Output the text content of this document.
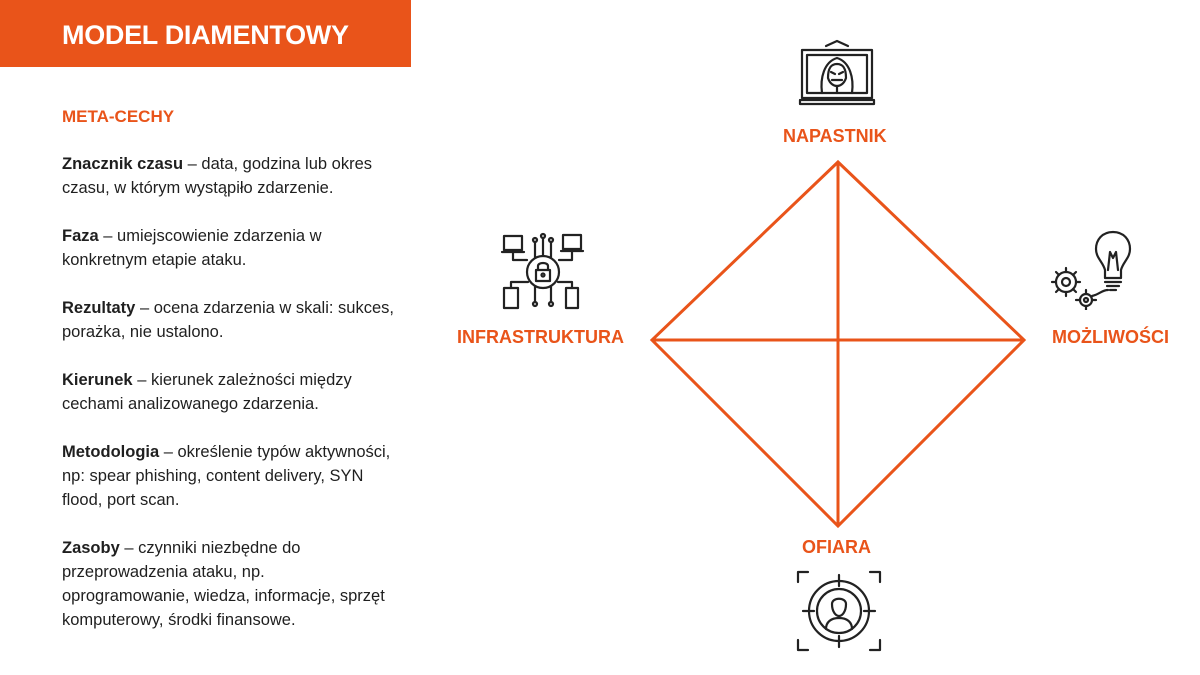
MODEL DIAMENTOWY
META-CECHY
Znacznik czasu – data, godzina lub okres czasu, w którym wystąpiło zdarzenie.
Faza – umiejscowienie zdarzenia w konkretnym etapie ataku.
Rezultaty – ocena zdarzenia w skali: sukces, porażka, nie ustalono.
Kierunek – kierunek zależności między cechami analizowanego zdarzenia.
Metodologia – określenie typów aktywności, np: spear phishing, content delivery, SYN flood, port scan.
Zasoby – czynniki niezbędne do przeprowadzenia ataku, np. oprogramowanie, wiedza, informacje, sprzęt komputerowy, środki finansowe.
NAPASTNIK
INFRASTRUKTURA	MOŻLIWOŚCI
OFIARA
